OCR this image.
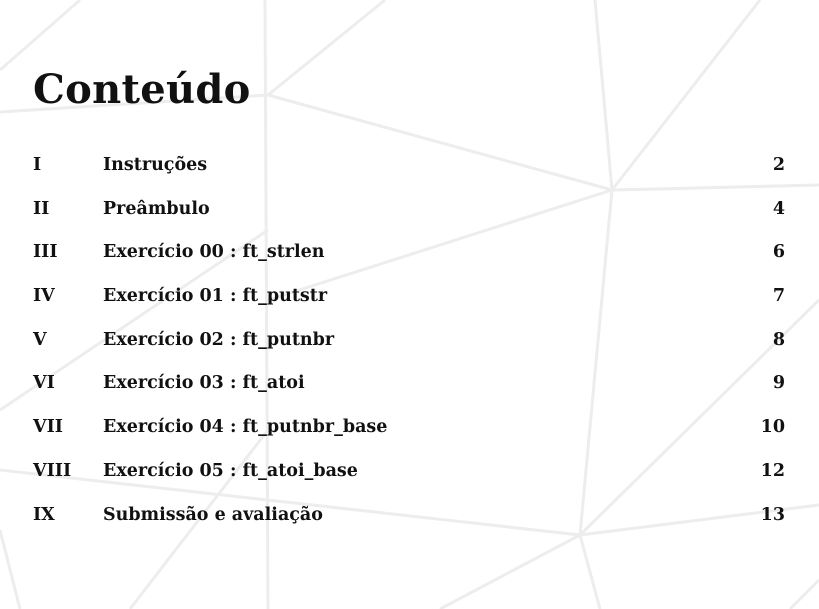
Conteúdo
I	Instruções	2
II	Preâmbulo	4
III	Exercício 00 : ft_strlen	6
IV	Exercício 01 : ft_putstr	7
V	Exercício 02 : ft_putnbr	8
VI	Exercício 03 : ft_atoi	9
VII Exercício 04 : ft_putnbr_base	10
VIII Exercício 05 : ft_atoi_base	12
IX	Submissão e avaliação	13
